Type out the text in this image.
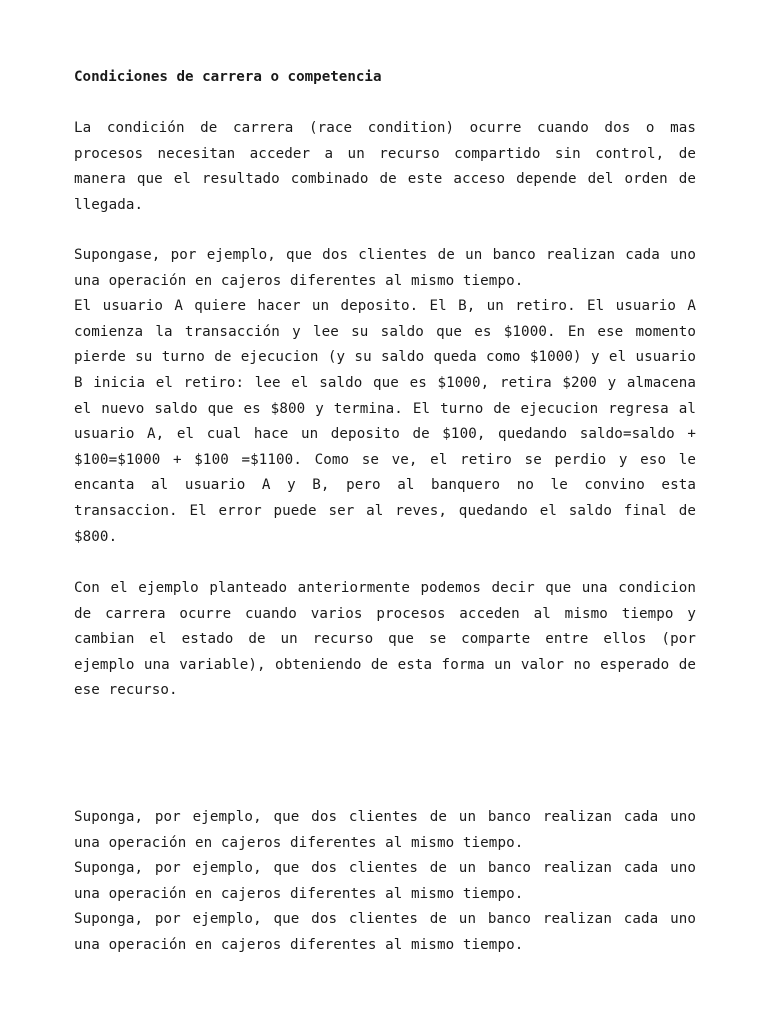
Condiciones de carrera o competencia

La condición de carrera (race condition) ocurre cuando dos o mas procesos necesitan acceder a un recurso compartido sin control, de manera que el resultado combinado de este acceso depende del orden de llegada.

Supongase, por ejemplo, que dos clientes de un banco realizan cada uno una operación en cajeros diferentes al mismo tiempo.
El usuario A quiere hacer un deposito. El B, un retiro. El usuario A comienza la transacción y lee su saldo que es $1000. En ese momento pierde su turno de ejecucion (y su saldo queda como $1000) y el usuario B inicia el retiro: lee el saldo que es $1000, retira $200 y almacena el nuevo saldo que es $800 y termina. El turno de ejecucion regresa al usuario A, el cual hace un deposito de $100, quedando saldo=saldo + $100=$1000 + $100 =$1100. Como se ve, el retiro se perdio y eso le encanta al usuario A y B, pero al banquero no le convino esta transaccion. El error puede ser al reves, quedando el saldo final de $800.

Con el ejemplo planteado anteriormente podemos decir que una condicion de carrera ocurre cuando varios procesos acceden al mismo tiempo y cambian el estado de un recurso que se comparte entre ellos (por ejemplo una variable), obteniendo de esta forma un valor no esperado de ese recurso.

Suponga, por ejemplo, que dos clientes de un banco realizan cada uno una operación en cajeros diferentes al mismo tiempo.
Suponga, por ejemplo, que dos clientes de un banco realizan cada uno una operación en cajeros diferentes al mismo tiempo.
Suponga, por ejemplo, que dos clientes de un banco realizan cada uno una operación en cajeros diferentes al mismo tiempo.
